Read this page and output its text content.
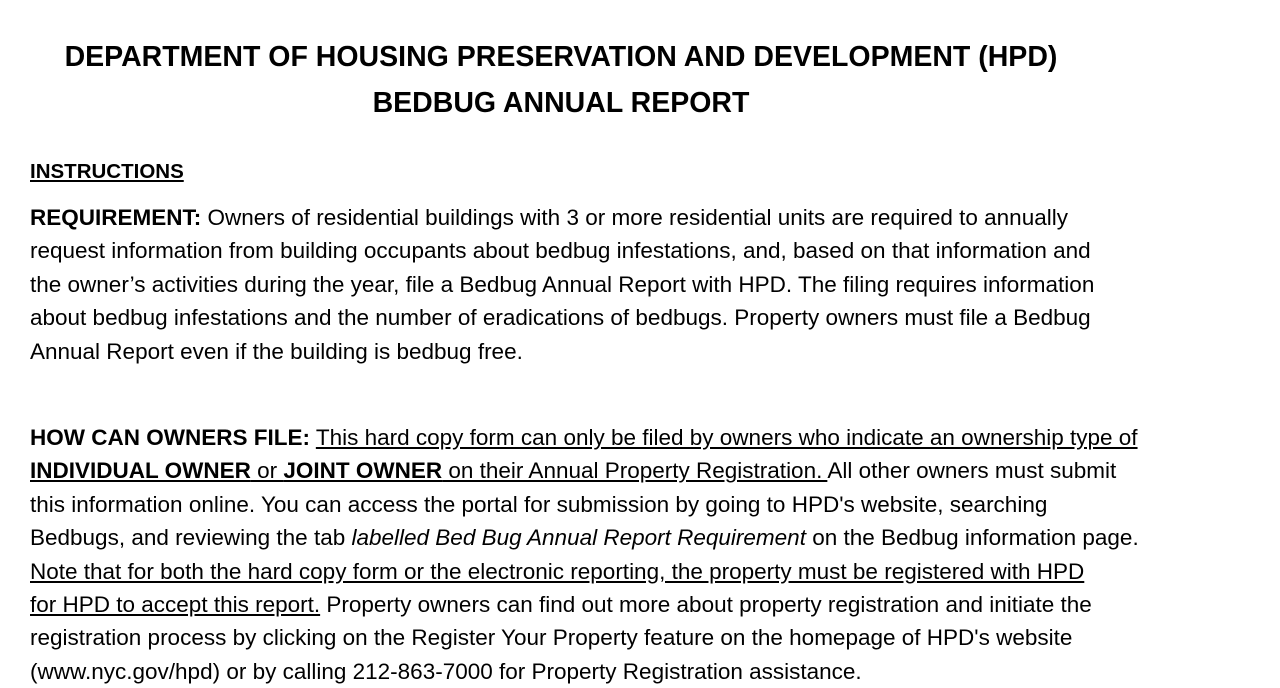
DEPARTMENT OF HOUSING PRESERVATION AND DEVELOPMENT (HPD)
BEDBUG ANNUAL REPORT
INSTRUCTIONS
REQUIREMENT: Owners of residential buildings with 3 or more residential units are required to annually
request information from building occupants about bedbug infestations, and, based on that information and
the owner’s activities during the year, file a Bedbug Annual Report with HPD. The filing requires information
about bedbug infestations and the number of eradications of bedbugs. Property owners must file a Bedbug
Annual Report even if the building is bedbug free.
HOW CAN OWNERS FILE: This hard copy form can only be filed by owners who indicate an ownership type of
INDIVIDUAL OWNER or JOINT OWNER on their Annual Property Registration. All other owners must submit
this information online. You can access the portal for submission by going to HPD's website, searching
Bedbugs, and reviewing the tab labelled Bed Bug Annual Report Requirement on the Bedbug information page.
Note that for both the hard copy form or the electronic reporting, the property must be registered with HPD
for HPD to accept this report. Property owners can find out more about property registration and initiate the
registration process by clicking on the Register Your Property feature on the homepage of HPD's website
(www.nyc.gov/hpd) or by calling 212-863-7000 for Property Registration assistance.
